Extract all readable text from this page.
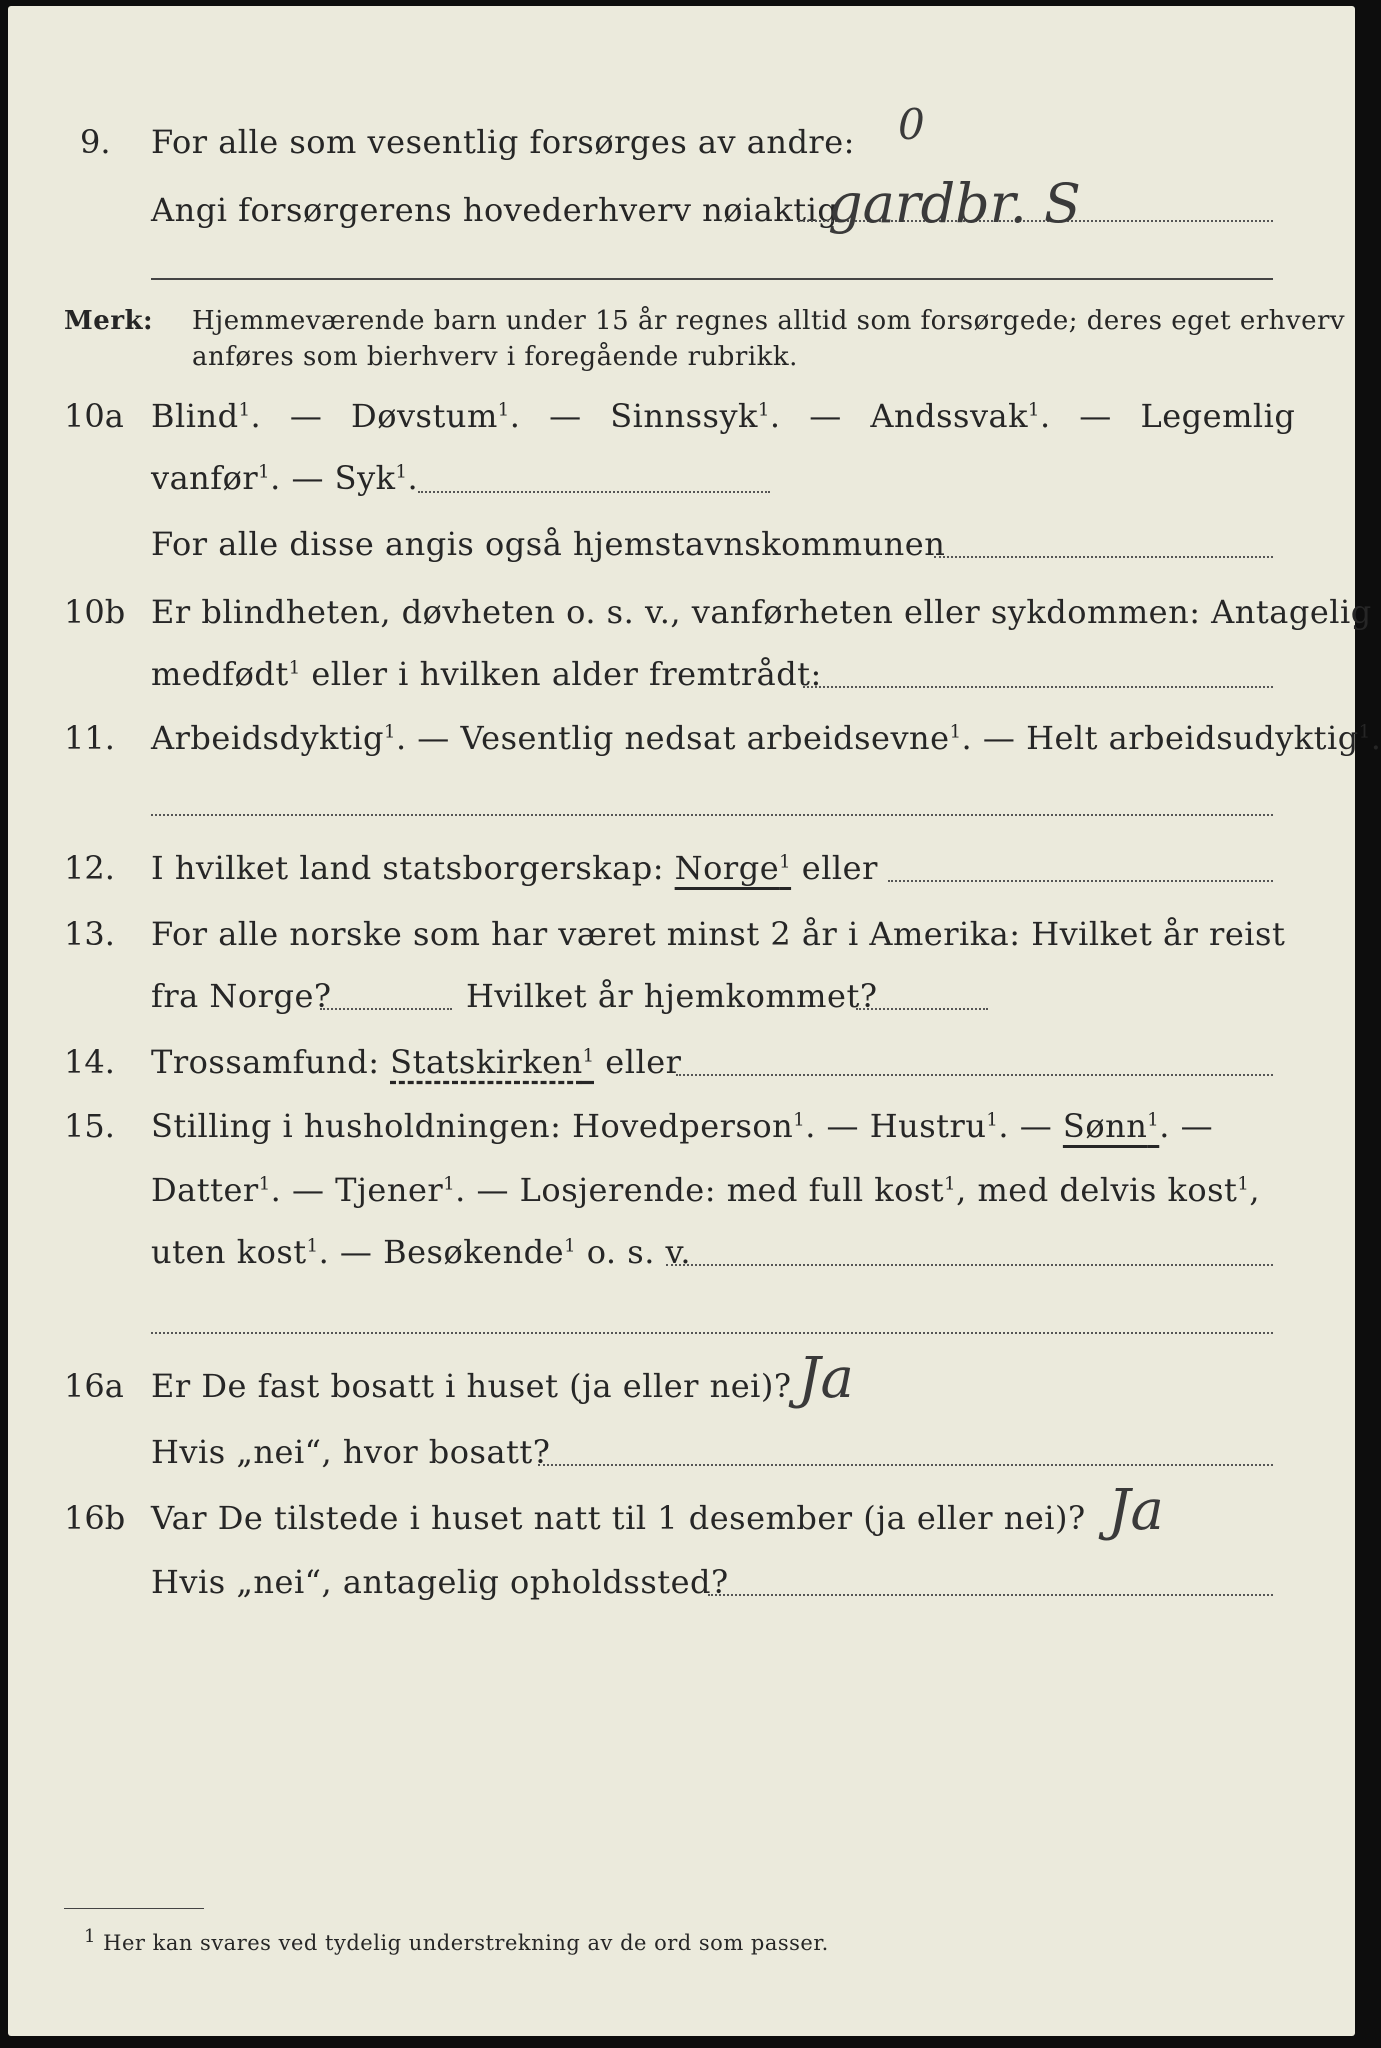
9. For alle som vesentlig forsørges av andre: 0
Angi forsørgerens hovederhverv nøiaktig
gardbr. S
Merk: Hjemmeværende barn under 15 år regnes alltid som forsørgede; deres eget erhverv
anføres som bierhverv i foregående rubrikk.
10a Blind$^1$. — Døvstum$^1$. — Sinnssyk$^1$. — Andssvak$^1$. — Legemlig
vanfør$^1$. — Syk$^1$.
For alle disse angis også hjemstavnskommunen
10b Er blindheten, døvheten o. s. v., vanførheten eller sykdommen: Antagelig
medfødt$^1$ eller i hvilken alder fremtrådt:
11. Arbeidsdyktig$^1$. — Vesentlig nedsat arbeidsevne$^1$. — Helt arbeidsudyktig$^1$.
12. I hvilket land statsborgerskap: Norge$^1$ eller
13. For alle norske som har været minst 2 år i Amerika: Hvilket år reist
fra Norge?	Hvilket år hjemkommet?
14. Trossamfund: Statskirken$^1$ eller
15. Stilling i husholdningen: Hovedperson$^1$. — Hustru$^1$. — Sønn$^1$. —
Datter$^1$. — Tjener$^1$. — Losjerende: med full kost$^1$, med delvis kost$^1$,
uten kost$^1$. — Besøkende$^1$ o. s. v.
16a Er De fast bosatt i huset (ja eller nei)? Ja
Hvis „nei“, hvor bosatt?
16b Var De tilstede i huset natt til 1 desember (ja eller nei)? Ja
Hvis „nei“, antagelig opholdssted?
$^1$ Her kan svares ved tydelig understrekning av de ord som passer.
